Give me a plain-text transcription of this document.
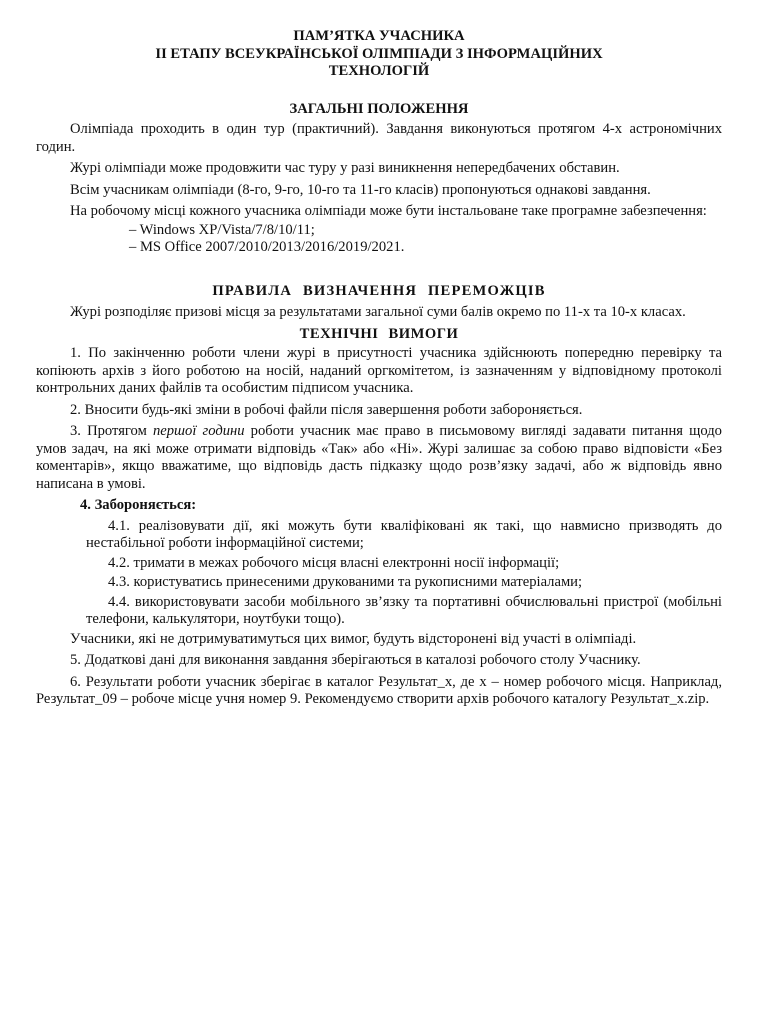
ПАМ’ЯТКА УЧАСНИКА

ІІ ЕТАПУ ВСЕУКРАЇНСЬКОЇ ОЛІМПІАДИ З ІНФОРМАЦІЙНИХ

ТЕХНОЛОГІЙ

ЗАГАЛЬНІ ПОЛОЖЕННЯ

Олімпіада проходить в один тур (практичний). Завдання виконуються протягом 4-х астрономічних годин.

Журі олімпіади може продовжити час туру у разі виникнення непередбачених обставин.

Всім учасникам олімпіади (8-го, 9-го, 10-го та 11-го класів) пропонуються однакові завдання.

На робочому місці кожного учасника олімпіади може бути інстальоване таке програмне забезпечення:

– Windows XP/Vista/7/8/10/11;

– MS Office 2007/2010/2013/2016/2019/2021.

ПРАВИЛА ВИЗНАЧЕННЯ ПЕРЕМОЖЦІВ

Журі розподіляє призові місця за результатами загальної суми балів окремо по 11-х та 10-х класах.

ТЕХНІЧНІ ВИМОГИ

1. По закінченню роботи члени журі в присутності учасника здійснюють попередню перевірку та копіюють архів з його роботою на носій, наданий оргкомітетом, із зазначенням у відповідному протоколі контрольних даних файлів та особистим підписом учасника.

2. Вносити будь-які зміни в робочі файли після завершення роботи забороняється.

3. Протягом першої години роботи учасник має право в письмовому вигляді задавати питання щодо умов задач, на які може отримати відповідь «Так» або «Ні». Журі залишає за собою право відповісти «Без коментарів», якщо вважатиме, що відповідь дасть підказку щодо розв’язку задачі, або ж відповідь явно написана в умові.

4. Забороняється:

4.1. реалізовувати дії, які можуть бути кваліфіковані як такі, що навмисно призводять до нестабільної роботи інформаційної системи;

4.2. тримати в межах робочого місця власні електронні носії інформації;

4.3. користуватись принесеними друкованими та рукописними матеріалами;

4.4. використовувати засоби мобільного зв’язку та портативні обчислювальні пристрої (мобільні телефони, калькулятори, ноутбуки тощо).

Учасники, які не дотримуватимуться цих вимог, будуть відсторонені від участі в олімпіаді.

5. Додаткові дані для виконання завдання зберігаються в каталозі робочого столу Учаснику.

6. Результати роботи учасник зберігає в каталог Результат_х, де х – номер робочого місця. Наприклад, Результат_09 – робоче місце учня номер 9. Рекомендуємо створити архів робочого каталогу Результат_х.zip.
